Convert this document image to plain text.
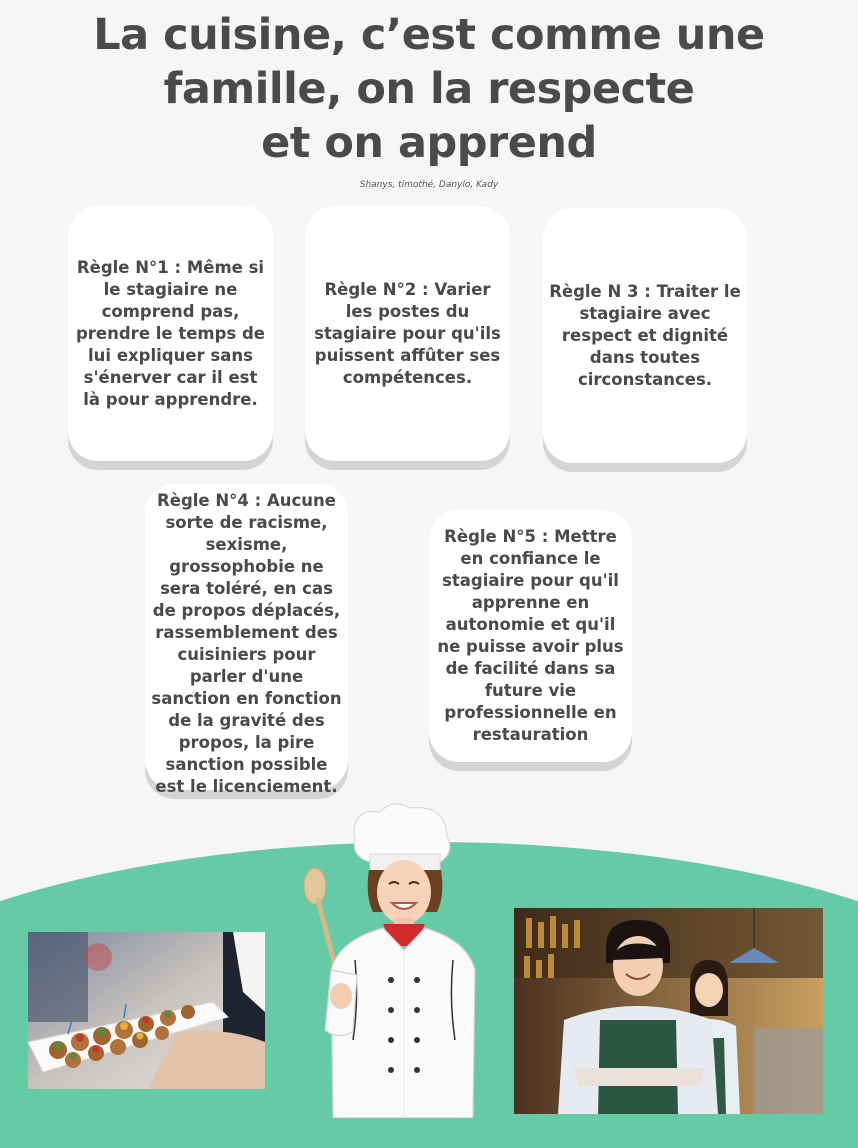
La cuisine, c’est comme une
famille, on la respecte
et on apprend
Shanys, timothé, Danylo, Kady
Règle N°1 : Même si le stagiaire ne comprend pas, prendre le temps de lui expliquer sans s'énerver car il est là pour apprendre.
Règle N°2 : Varier les postes du stagiaire pour qu'ils puissent affûter ses compétences.
Règle N 3 : Traiter le stagiaire avec respect et dignité dans toutes circonstances.
Règle N°4 : Aucune sorte de racisme, sexisme, grossophobie ne sera toléré, en cas de propos déplacés, rassemblement des cuisiniers pour parler d'une sanction en fonction de la gravité des propos, la pire sanction possible est le licenciement.
Règle N°5 : Mettre en confiance le stagiaire pour qu'il apprenne en autonomie et qu'il ne puisse avoir plus de facilité dans sa future vie professionnelle en restauration
